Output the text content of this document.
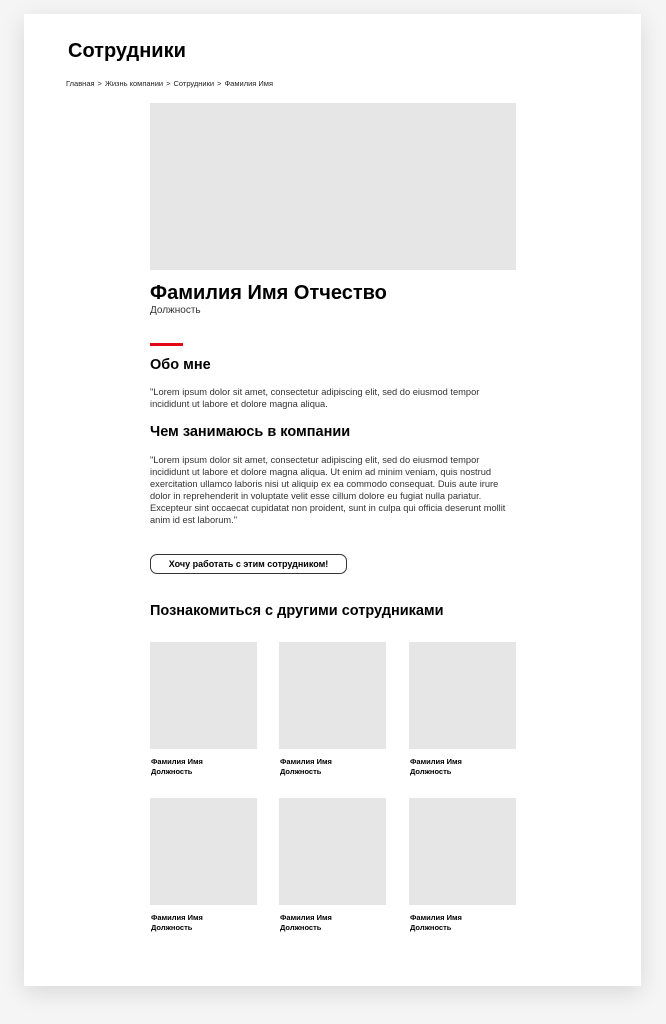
Сотрудники
Главная > Жизнь компании > Сотрудники > Фамилия Имя
Фамилия Имя Отчество
Должность
Обо мне

"Lorem ipsum dolor sit amet, consectetur adipiscing elit, sed do eiusmod tempor incididunt ut labore et dolore magna aliqua.

Чем занимаюсь в компании

"Lorem ipsum dolor sit amet, consectetur adipiscing elit, sed do eiusmod tempor incididunt ut labore et dolore magna aliqua. Ut enim ad minim veniam, quis nostrud exercitation ullamco laboris nisi ut aliquip ex ea commodo consequat. Duis aute irure dolor in reprehenderit in voluptate velit esse cillum dolore eu fugiat nulla pariatur. Excepteur sint occaecat cupidatat non proident, sunt in culpa qui officia deserunt mollit anim id est laborum."

Хочу работать с этим сотрудником!
Познакомиться с другими сотрудниками
Фамилия Имя
Должность
Фамилия Имя
Должность
Фамилия Имя
Должность
Фамилия Имя
Должность
Фамилия Имя
Должность
Фамилия Имя
Должность
